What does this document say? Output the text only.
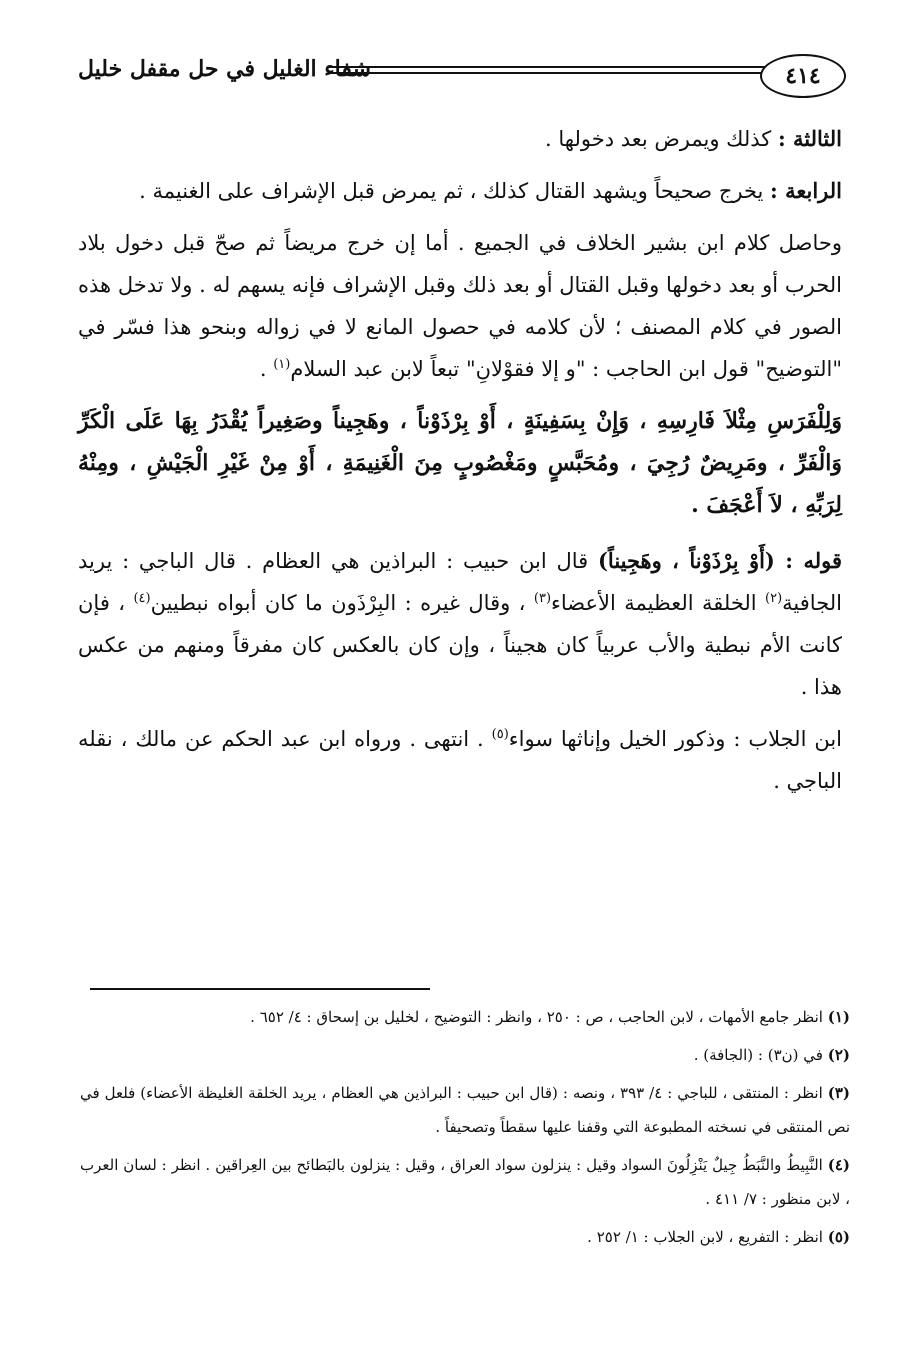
٤١٤
شفاء الغليل في حل مقفل خليل

الثالثة : كذلك ويمرض بعد دخولها .

الرابعة : يخرج صحيحاً ويشهد القتال كذلك ، ثم يمرض قبل الإشراف على الغنيمة .

وحاصل كلام ابن بشير الخلاف في الجميع . أما إن خرج مريضاً ثم صحّ قبل دخول بلاد الحرب أو بعد دخولها وقبل القتال أو بعد ذلك وقبل الإشراف فإنه يسهم له . ولا تدخل هذه الصور في كلام المصنف ؛ لأن كلامه في حصول المانع لا في زواله وبنحو هذا فسّر في "التوضيح" قول ابن الحاجب : "و إلا فقوْلانِ" تبعاً لابن عبد السلام$^{(١)}$ .

وَلِلْفَرَسِ مِثْلاَ فَارِسِهِ ، وَإِنْ بِسَفِينَةٍ ، أَوْ بِرْذَوْناً ، وهَجِيناً وصَغِيراً يُقْدَرُ بِهَا عَلَى الْكَرِّ وَالْفَرِّ ، ومَرِيضٌ رُجِيَ ، ومُحَبَّسٍ ومَغْصُوبٍ مِنَ الْغَنِيمَةِ ، أَوْ مِنْ غَيْرِ الْجَيْشِ ، ومِنْهُ لِرَبِّهِ ، لاَ أَعْجَفَ .

قوله : (أَوْ بِرْذَوْناً ، وهَجِيناً) قال ابن حبيب : البراذين هي العظام . قال الباجي : يريد الجافية$^{(٢)}$ الخلقة العظيمة الأعضاء$^{(٣)}$ ، وقال غيره : البِرْذَون ما كان أبواه نبطيين$^{(٤)}$ ، فإن كانت الأم نبطية والأب عربياً كان هجيناً ، وإن كان بالعكس كان مفرقاً ومنهم من عكس هذا .

ابن الجلاب : وذكور الخيل وإناثها سواء$^{(٥)}$ . انتهى . ورواه ابن عبد الحكم عن مالك ، نقله الباجي .

(١) انظر جامع الأمهات ، لابن الحاجب ، ص : ٢٥٠ ، وانظر : التوضيح ، لخليل بن إسحاق : ٤/ ٦٥٢ .

(٢) في (ن٣) : (الجافة) .

(٣) انظر : المنتقى ، للباجي : ٤/ ٣٩٣ ، ونصه : (قال ابن حبيب : البراذين هي العظام ، يريد الخلقة الغليظة الأعضاء) فلعل في نص المنتقى في نسخته المطبوعة التي وقفنا عليها سقطاً وتصحيفاً .

(٤) النَّبِيطُ والنَّبَطُ جِيلٌ يَنْزِلُونَ السواد وقيل : ينزلون سواد العراق ، وقيل : ينزلون بالبَطائح بين العِراقين . انظر : لسان العرب ، لابن منظور : ٧/ ٤١١ .

(٥) انظر : التفريع ، لابن الجلاب : ١/ ٢٥٢ .
